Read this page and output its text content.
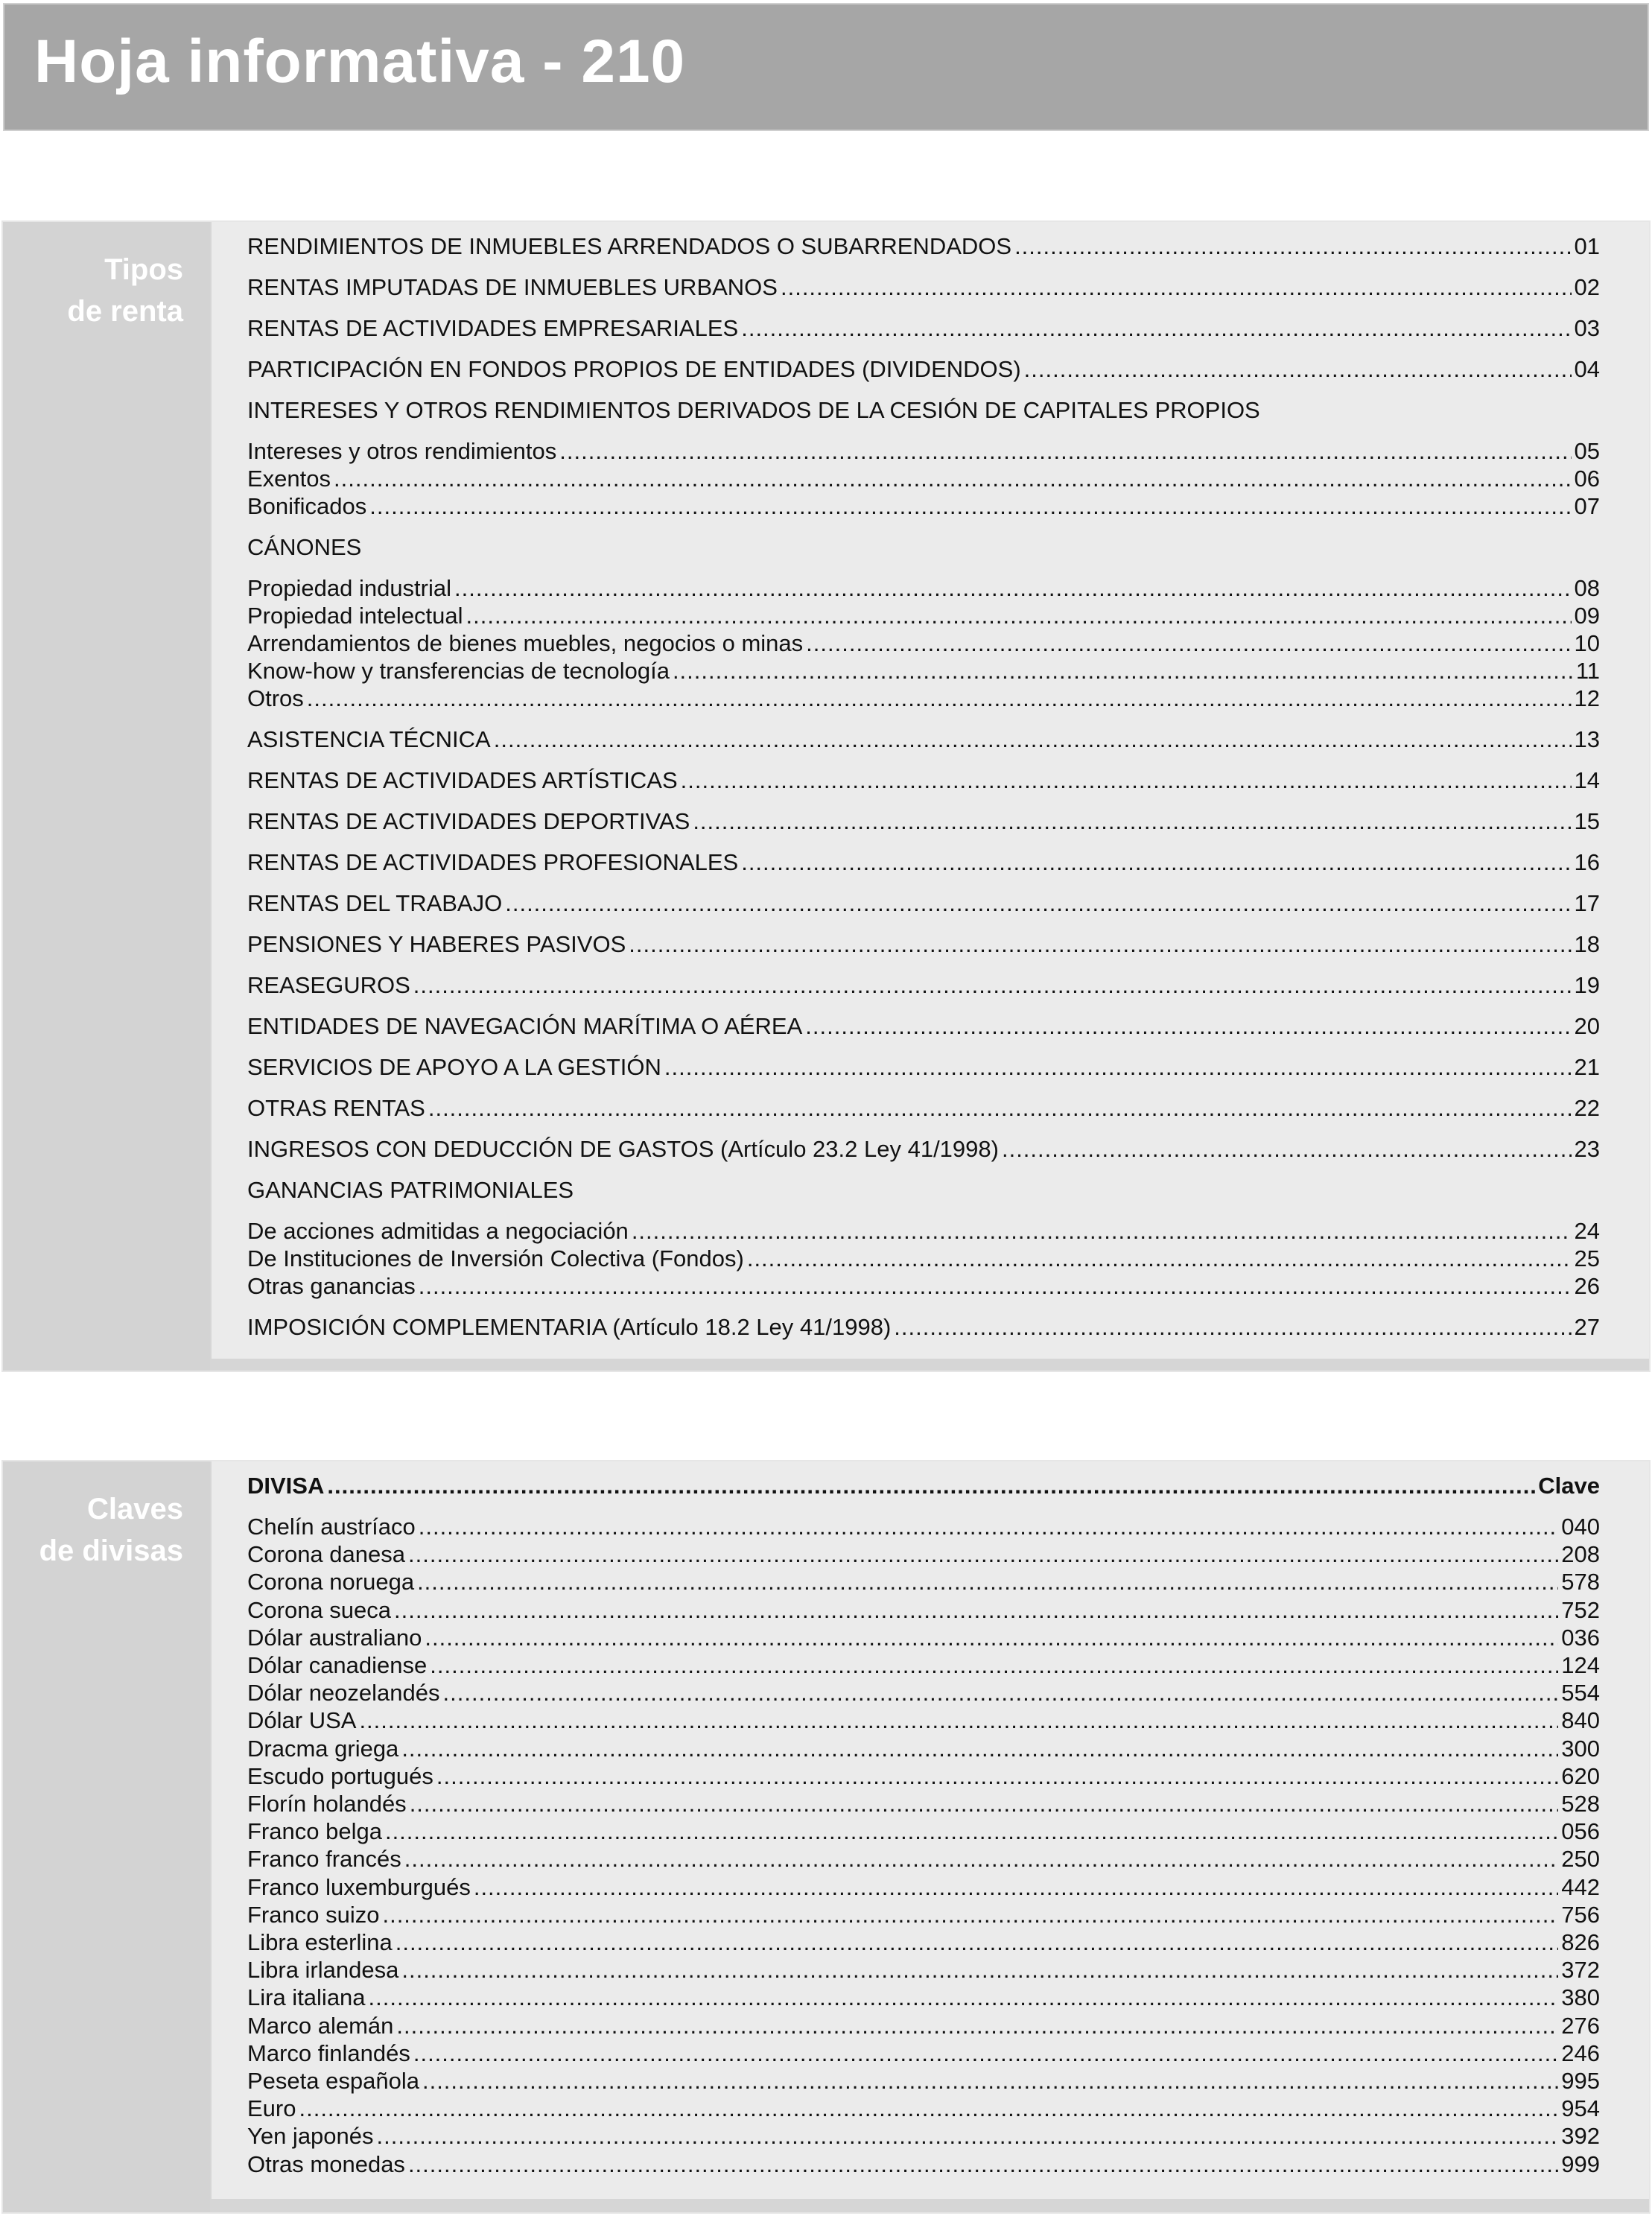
Hoja informativa - 210
Tipos
de renta
RENDIMIENTOS DE INMUEBLES ARRENDADOS O SUBARRENDADOS .....	01
RENTAS IMPUTADAS DE INMUEBLES URBANOS .....	02
RENTAS DE ACTIVIDADES EMPRESARIALES .....	03
PARTICIPACIÓN EN FONDOS PROPIOS DE ENTIDADES (DIVIDENDOS) .....	04
INTERESES Y OTROS RENDIMIENTOS DERIVADOS DE LA CESIÓN DE CAPITALES PROPIOS
Intereses y otros rendimientos .....	05
Exentos .....	06
Bonificados .....	07
CÁNONES
Propiedad industrial .....	08
Propiedad intelectual .....	09
Arrendamientos de bienes muebles, negocios o minas .....	10
Know-how y transferencias de tecnología .....	11
Otros .....	12
ASISTENCIA TÉCNICA .....	13
RENTAS DE ACTIVIDADES ARTÍSTICAS .....	14
RENTAS DE ACTIVIDADES DEPORTIVAS .....	15
RENTAS DE ACTIVIDADES PROFESIONALES .....	16
RENTAS DEL TRABAJO .....	17
PENSIONES Y HABERES PASIVOS .....	18
REASEGUROS .....	19
ENTIDADES DE NAVEGACIÓN MARÍTIMA O AÉREA .....	20
SERVICIOS DE APOYO A LA GESTIÓN .....	21
OTRAS RENTAS .....	22
INGRESOS CON DEDUCCIÓN DE GASTOS (Artículo 23.2 Ley 41/1998) .....	23
GANANCIAS PATRIMONIALES
De acciones admitidas a negociación .....	24
De Instituciones de Inversión Colectiva (Fondos) .....	25
Otras ganancias .....	26
IMPOSICIÓN COMPLEMENTARIA (Artículo 18.2 Ley 41/1998) .....	27
Claves
de divisas
DIVISA .....	Clave
Chelín austríaco .....	040
Corona danesa .....	208
Corona noruega .....	578
Corona sueca .....	752
Dólar australiano .....	036
Dólar canadiense .....	124
Dólar neozelandés .....	554
Dólar USA .....	840
Dracma griega .....	300
Escudo portugués .....	620
Florín holandés .....	528
Franco belga .....	056
Franco francés .....	250
Franco luxemburgués .....	442
Franco suizo .....	756
Libra esterlina .....	826
Libra irlandesa .....	372
Lira italiana .....	380
Marco alemán .....	276
Marco finlandés .....	246
Peseta española .....	995
Euro .....	954
Yen japonés .....	392
Otras monedas .....	999
